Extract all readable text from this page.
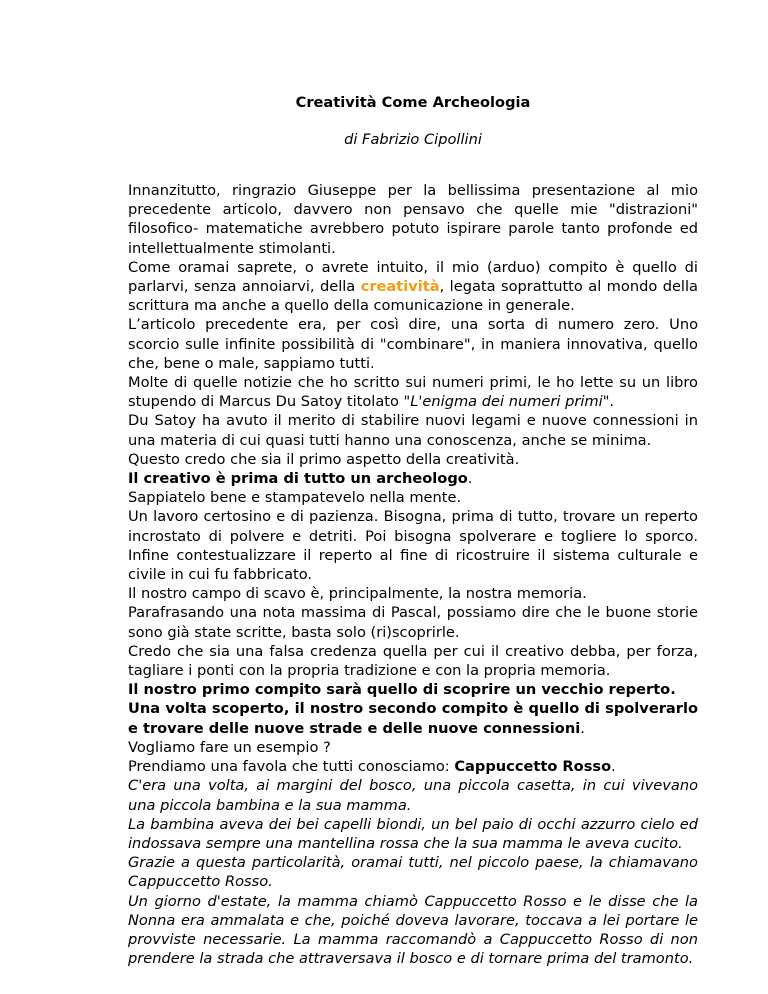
Creatività Come Archeologia

di Fabrizio Cipollini

Innanzitutto, ringrazio Giuseppe per la bellissima presentazione al mio precedente articolo, davvero non pensavo che quelle mie "distrazioni" filosofico- matematiche avrebbero potuto ispirare parole tanto profonde ed intellettualmente stimolanti.

Come oramai saprete, o avrete intuito, il mio (arduo) compito è quello di parlarvi, senza annoiarvi, della creatività, legata soprattutto al mondo della scrittura ma anche a quello della comunicazione in generale.

L’articolo precedente era, per così dire, una sorta di numero zero. Uno scorcio sulle infinite possibilità di "combinare", in maniera innovativa, quello che, bene o male, sappiamo tutti.

Molte di quelle notizie che ho scritto sui numeri primi, le ho lette su un libro stupendo di Marcus Du Satoy titolato "L'enigma dei numeri primi".

Du Satoy ha avuto il merito di stabilire nuovi legami e nuove connessioni in una materia di cui quasi tutti hanno una conoscenza, anche se minima.

Questo credo che sia il primo aspetto della creatività.

Il creativo è prima di tutto un archeologo.

Sappiatelo bene e stampatevelo nella mente.

Un lavoro certosino e di pazienza. Bisogna, prima di tutto, trovare un reperto incrostato di polvere e detriti. Poi bisogna spolverare e togliere lo sporco. Infine contestualizzare il reperto al fine di ricostruire il sistema culturale e civile in cui fu fabbricato.

Il nostro campo di scavo è, principalmente, la nostra memoria.

Parafrasando una nota massima di Pascal, possiamo dire che le buone storie sono già state scritte, basta solo (ri)scoprirle.

Credo che sia una falsa credenza quella per cui il creativo debba, per forza, tagliare i ponti con la propria tradizione e con la propria memoria.

Il nostro primo compito sarà quello di scoprire un vecchio reperto.

Una volta scoperto, il nostro secondo compito è quello di spolverarlo e trovare delle nuove strade e delle nuove connessioni.

Vogliamo fare un esempio ?

Prendiamo una favola che tutti conosciamo: Cappuccetto Rosso.

C'era una volta, ai margini del bosco, una piccola casetta, in cui vivevano una piccola bambina e la sua mamma.

La bambina aveva dei bei capelli biondi, un bel paio di occhi azzurro cielo ed indossava sempre una mantellina rossa che la sua mamma le aveva cucito.

Grazie a questa particolarità, oramai tutti, nel piccolo paese, la chiamavano Cappuccetto Rosso.

Un giorno d'estate, la mamma chiamò Cappuccetto Rosso e le disse che la Nonna era ammalata e che, poiché doveva lavorare, toccava a lei portare le provviste necessarie. La mamma raccomandò a Cappuccetto Rosso di non prendere la strada che attraversava il bosco e di tornare prima del tramonto.
